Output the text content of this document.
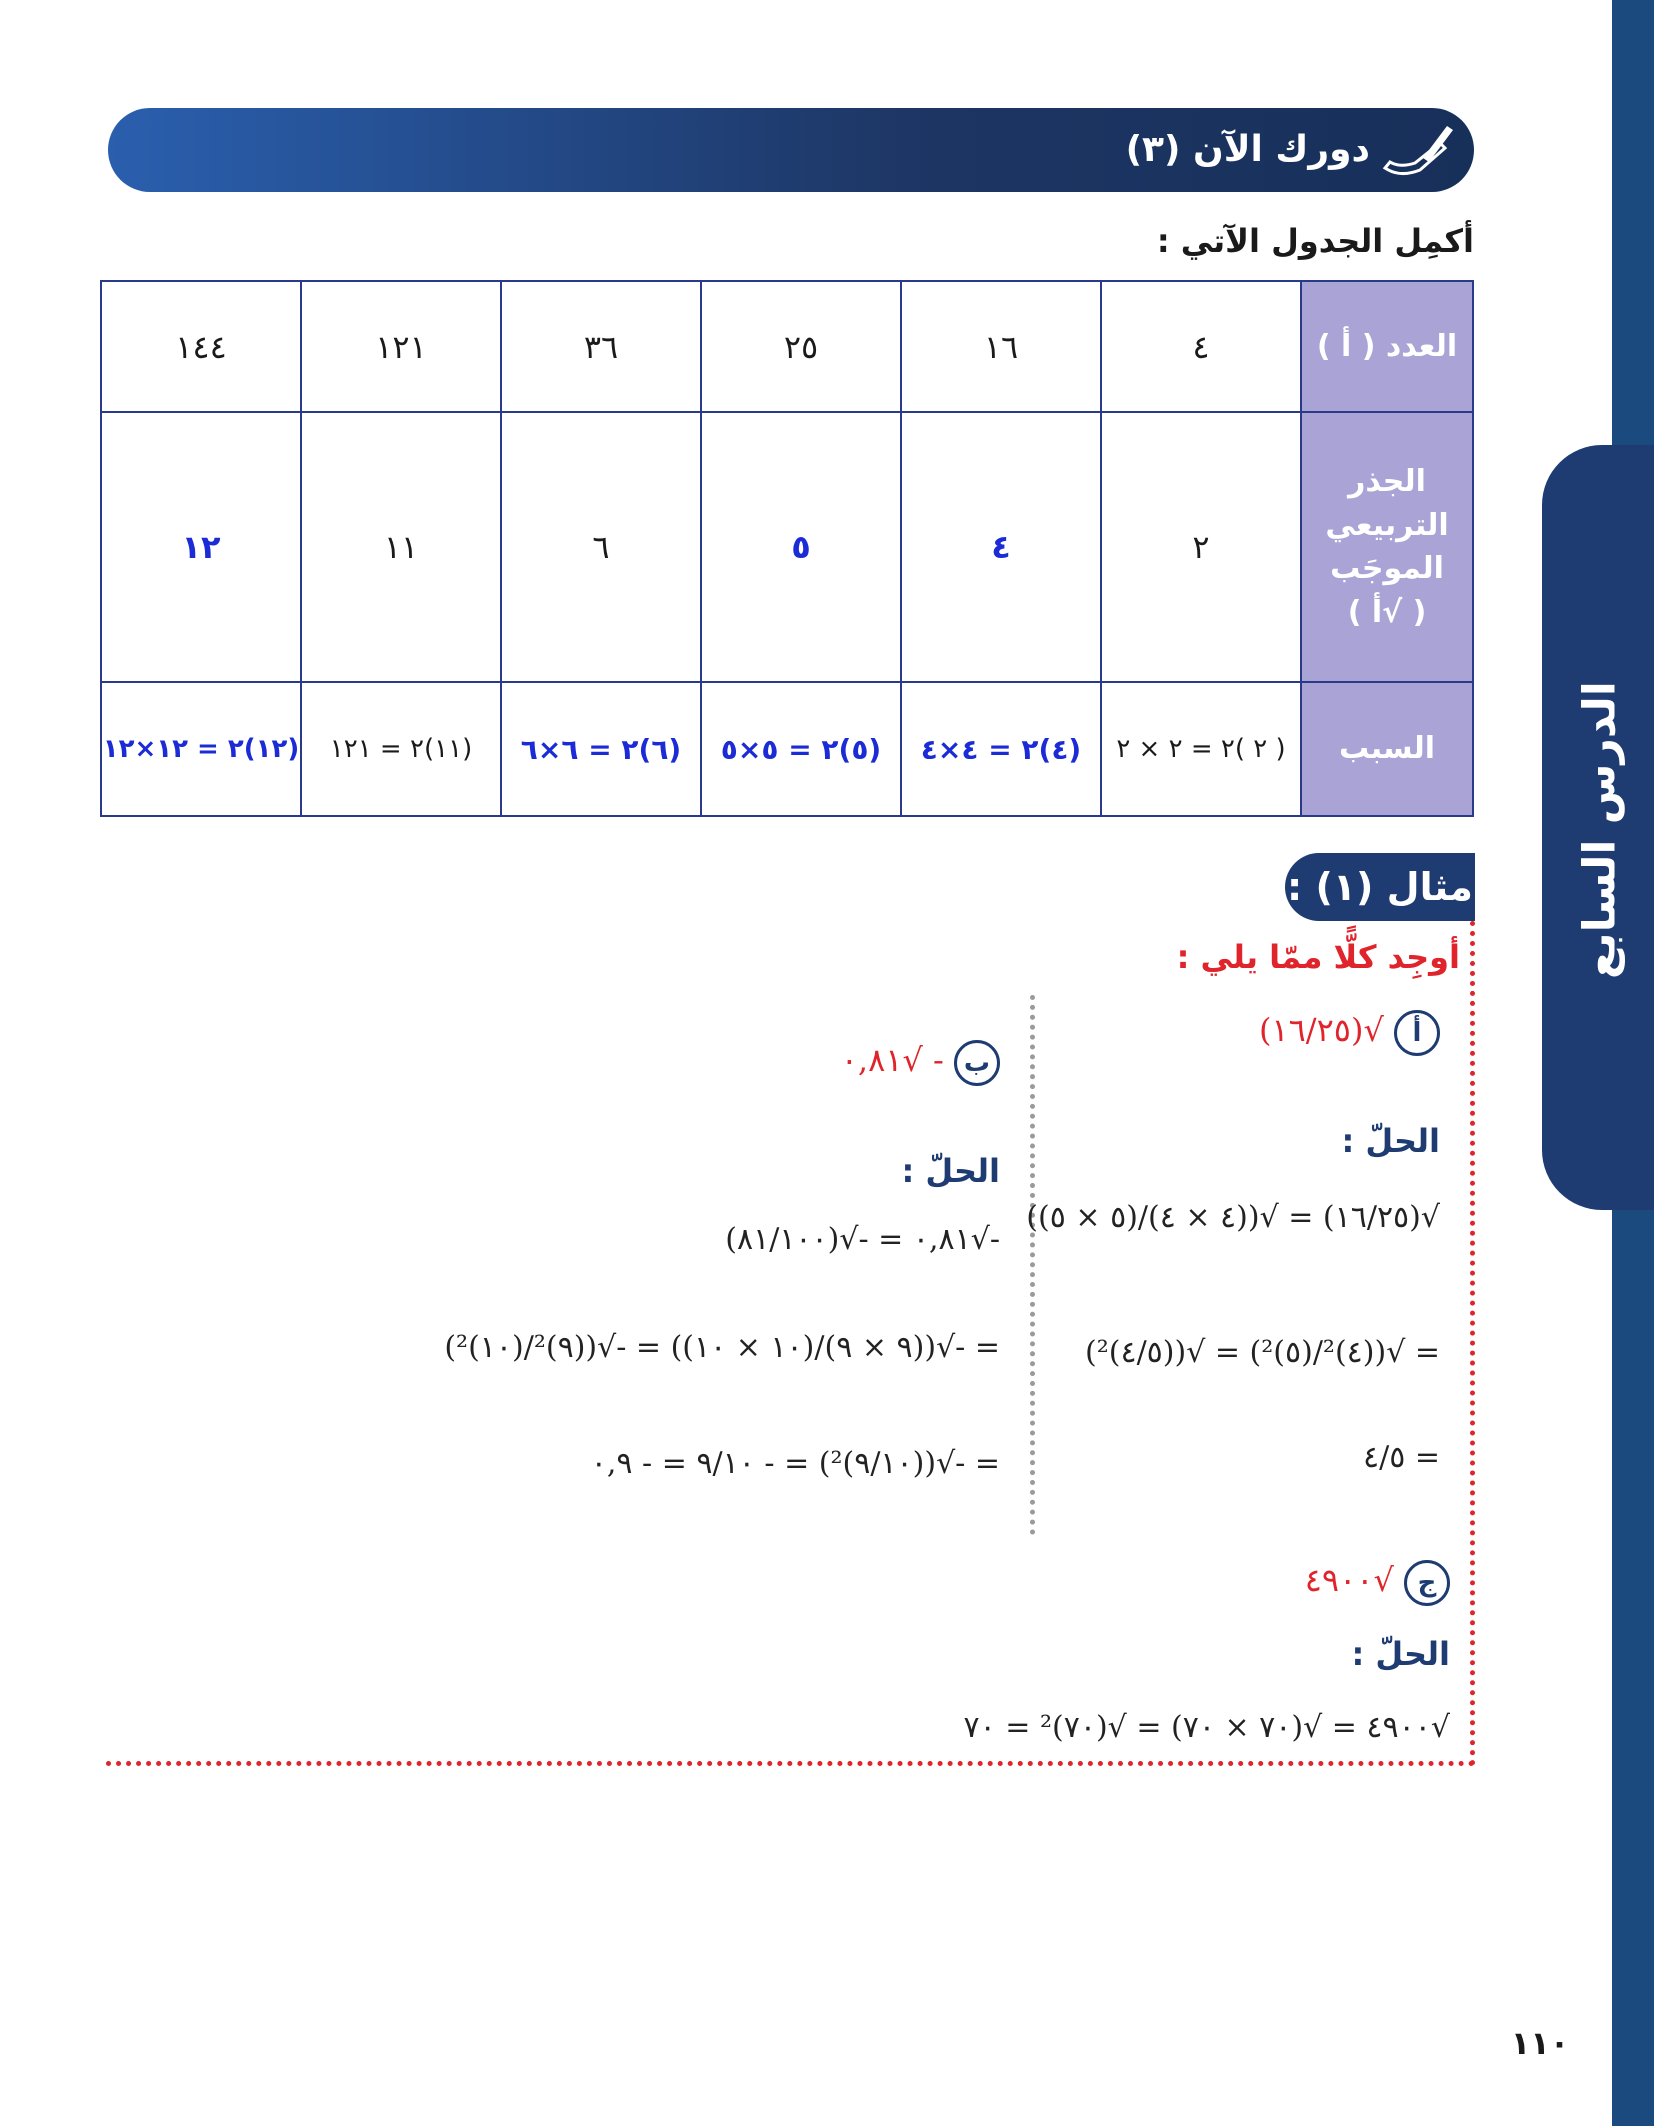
الدرس السابع
دورك الآن (٣)
أكمِل الجدول الآتي :
العدد ( أ )	٤	١٦	٢٥	٣٦	١٢١	١٤٤

الجذر
التربيعي
الموجَب
( √أ )	٢	٤	٥	٦	١١	١٢
السبب	( ٢ )٢ = ٢ × ٢	(٤)٢ = ٤×٤	(٥)٢ = ٥×٥	(٦)٢ = ٦×٦	(١١)٢ = ١٢١	(١٢)٢ = ١٢×١٢
مثال (١) :
أوجِد كلًّا ممّا يلي :
أ √(١٦/٢٥)
الحلّ :
√(١٦/٢٥) = √((٤ × ٤)/(٥ × ٥))
= √((٤)²/(٥)²) = √((٤/٥)²)
= ٤/٥
ب - √٠,٨١
الحلّ :
-√٠,٨١ = -√(٨١/١٠٠)
= -√((٩ × ٩)/(١٠ × ١٠)) = -√((٩)²/(١٠)²)
= -√((٩/١٠)²) = - ٩/١٠ = - ٠,٩
ج √٤٩٠٠
الحلّ :
√٤٩٠٠ = √(٧٠ × ٧٠) = √(٧٠)² = ٧٠
١١٠
